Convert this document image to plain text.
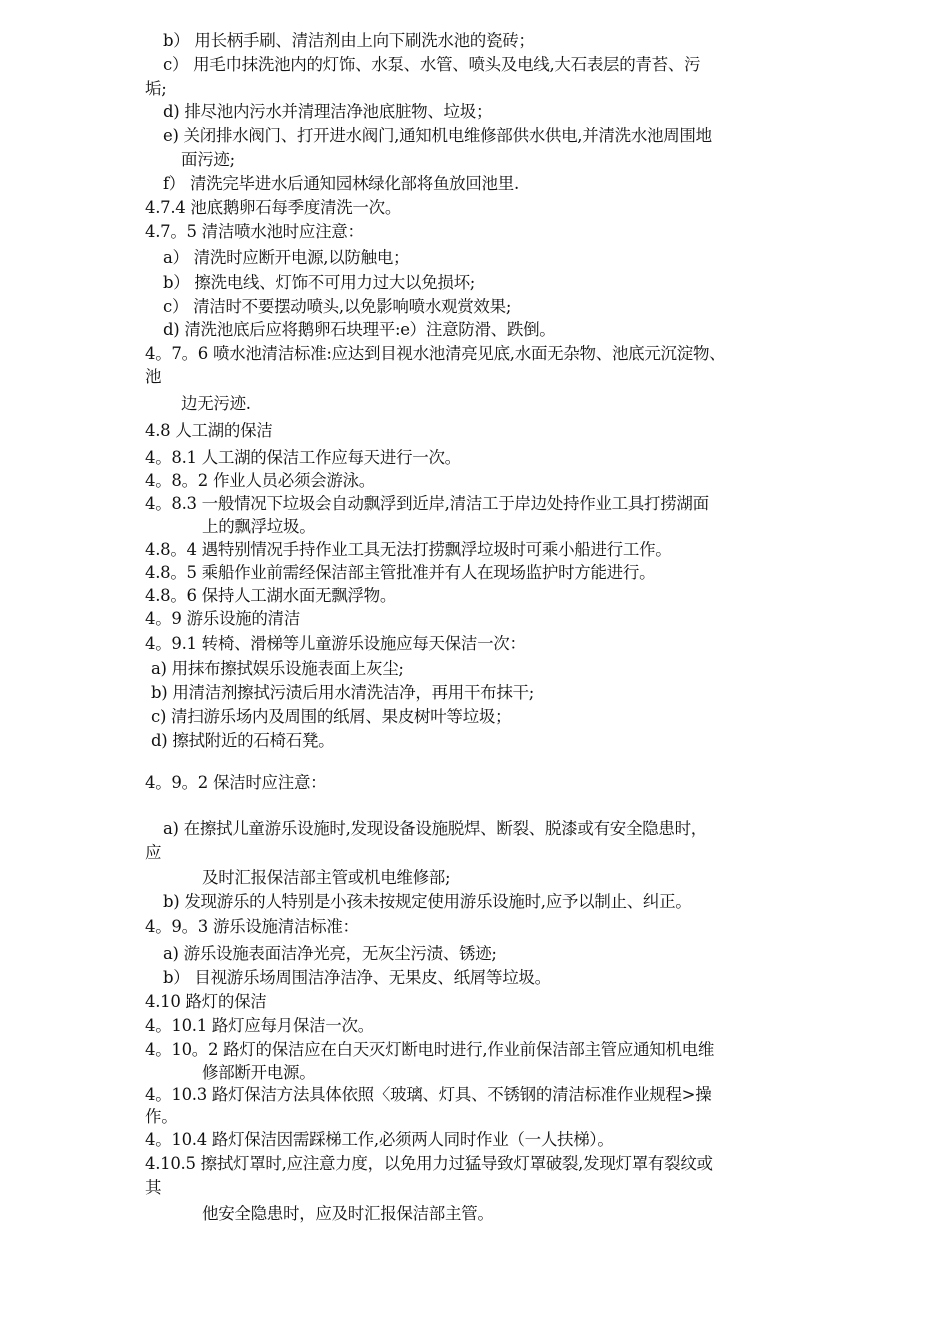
b） 用长柄手刷、清洁剂由上向下刷洗水池的瓷砖；
c） 用毛巾抹洗池内的灯饰、水泵、水管、喷头及电线,大石表层的青苔、污
垢;
d) 排尽池内污水并清理洁净池底脏物、垃圾；
e) 关闭排水阀门、打开进水阀门,通知机电维修部供水供电,并清洗水池周围地
面污迹;
f） 清洗完毕进水后通知园林绿化部将鱼放回池里.
4.7.4 池底鹅卵石每季度清洗一次。
4.7。5 清洁喷水池时应注意：
a） 清洗时应断开电源,以防触电；
b） 擦洗电线、灯饰不可用力过大以免损坏;
c） 清洁时不要摆动喷头,以免影响喷水观赏效果;
d) 清洗池底后应将鹅卵石块理平:e）注意防滑、跌倒。
4。7。6 喷水池清洁标准:应达到目视水池清亮见底,水面无杂物、池底元沉淀物、
池
边无污迹.
4.8 人工湖的保洁
4。8.1 人工湖的保洁工作应每天进行一次。
4。8。2 作业人员必须会游泳。
4。8.3 一般情况下垃圾会自动飘浮到近岸,清洁工于岸边处持作业工具打捞湖面
上的飘浮垃圾。
4.8。4 遇特别情况手持作业工具无法打捞飘浮垃圾时可乘小船进行工作。
4.8。5 乘船作业前需经保洁部主管批准并有人在现场监护时方能进行。
4.8。6 保持人工湖水面无飘浮物。
4。9 游乐设施的清洁
4。9.1 转椅、滑梯等儿童游乐设施应每天保洁一次：
a) 用抹布擦拭娱乐设施表面上灰尘;
b) 用清洁剂擦拭污渍后用水清洗洁净，再用干布抹干;
c) 清扫游乐场内及周围的纸屑、果皮树叶等垃圾；
d) 擦拭附近的石椅石凳。
4。9。2 保洁时应注意：
a) 在擦拭儿童游乐设施时,发现设备设施脱焊、断裂、脱漆或有安全隐患时，
应
及时汇报保洁部主管或机电维修部;
b) 发现游乐的人特别是小孩未按规定使用游乐设施时,应予以制止、纠正。
4。9。3 游乐设施清洁标准：
a) 游乐设施表面洁净光亮，无灰尘污渍、锈迹;
b） 目视游乐场周围洁净洁净、无果皮、纸屑等垃圾。
4.10 路灯的保洁
4。10.1 路灯应每月保洁一次。
4。10。2 路灯的保洁应在白天灭灯断电时进行,作业前保洁部主管应通知机电维
修部断开电源。
4。10.3 路灯保洁方法具体依照〈玻璃、灯具、不锈钢的清洁标准作业规程>操
作。
4。10.4 路灯保洁因需踩梯工作,必须两人同时作业（一人扶梯）。
4.10.5 擦拭灯罩时,应注意力度，以免用力过猛导致灯罩破裂,发现灯罩有裂纹或
其
他安全隐患时，应及时汇报保洁部主管。
